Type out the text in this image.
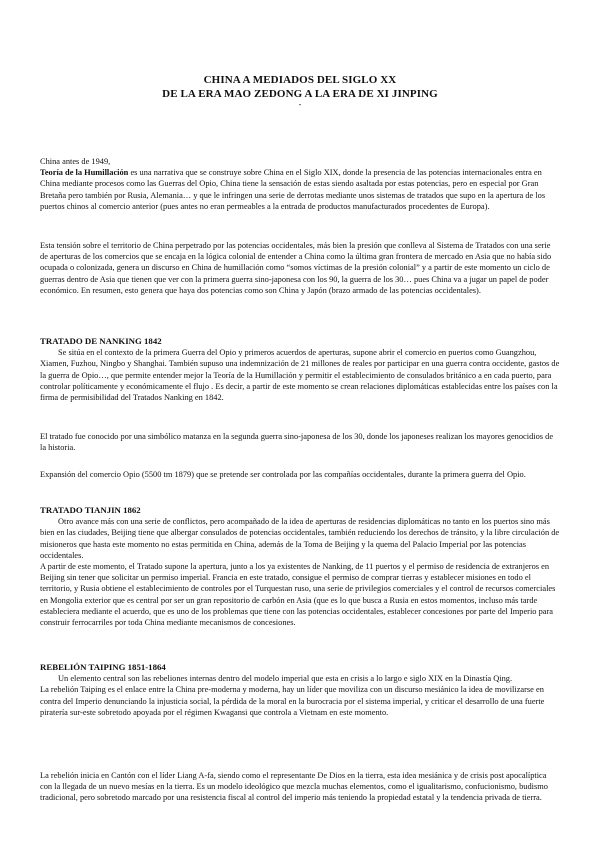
CHINA A MEDIADOS DEL SIGLO XX
DE LA ERA MAO ZEDONG A LA ERA DE XI JINPING
-

China antes de 1949,

Teoría de la Humillación es una narrativa que se construye sobre China en el Siglo XIX, donde la presencia de las potencias internacionales entra en China mediante procesos como las Guerras del Opio, China tiene la sensación de estas siendo asaltada por estas potencias, pero en especial por Gran Bretaña pero también por Rusia, Alemania… y que le infringen una serie de derrotas mediante unos sistemas de tratados que supo en la apertura de los puertos chinos al comercio anterior (pues antes no eran permeables a la entrada de productos manufacturados procedentes de Europa).

Esta tensión sobre el territorio de China perpetrado por las potencias occidentales, más bien la presión que conlleva al Sistema de Tratados con una serie de aperturas de los comercios que se encaja en la lógica colonial de entender a China como la última gran frontera de mercado en Asia que no había sido ocupada o colonizada, genera un discurso en China de humillación como “somos víctimas de la presión colonial” y a partir de este momento un ciclo de guerras dentro de Asia que tienen que ver con la primera guerra sino-japonesa con los 90, la guerra de los 30… pues China va a jugar un papel de poder económico. En resumen, esto genera que haya dos potencias como son China y Japón (brazo armado de las potencias occidentales).

TRATADO DE NANKING 1842

Se sitúa en el contexto de la primera Guerra del Opio y primeros acuerdos de aperturas, supone abrir el comercio en puertos como Guangzhou, Xiamen, Fuzhou, Ningbo y Shanghai. También supuso una indemnización de 21 millones de reales por participar en una guerra contra occidente, gastos de la guerra de Opio…, que permite entender mejor la Teoría de la Humillación y permitir el establecimiento de consulados británico a en cada puerto, para controlar políticamente y económicamente el flujo . Es decir, a partir de este momento se crean relaciones diplomáticas establecidas entre los países con la firma de permisibilidad del Tratados Nanking en 1842.

El tratado fue conocido por una simbólico matanza en la segunda guerra sino-japonesa de los 30, donde los japoneses realizan los mayores genocidios de la historia.

Expansión del comercio Opio (5500 tm 1879) que se pretende ser controlada por las compañías occidentales, durante la primera guerra del Opio.

TRATADO TIANJIN 1862

Otro avance más con una serie de conflictos, pero acompañado de la idea de aperturas de residencias diplomáticas no tanto en los puertos sino más bien en las ciudades, Beijing tiene que albergar consulados de potencias occidentales, también reduciendo los derechos de tránsito, y la libre circulación de misioneros que hasta este momento no estas permitida en China, además de la Toma de Beijing y la quema del Palacio Imperial por las potencias occidentales.

A partir de este momento, el Tratado supone la apertura, junto a los ya existentes de Nanking, de 11 puertos y el permiso de residencia de extranjeros en Beijing sin tener que solicitar un permiso imperial. Francia en este tratado, consigue el permiso de comprar tierras y establecer misiones en todo el territorio, y Rusia obtiene el establecimiento de controles por el Turquestan ruso, una serie de privilegios comerciales y el control de recursos comerciales en Mongolia exterior que es central por ser un gran repositorio de carbón en Asia (que es lo que busca a Rusia en estos momentos, incluso más tarde estableciera mediante el acuerdo, que es uno de los problemas que tiene con las potencias occidentales, establecer concesiones por parte del Imperio para construir ferrocarriles por toda China mediante mecanismos de concesiones.

REBELIÓN TAIPING 1851-1864

Un elemento central son las rebeliones internas dentro del modelo imperial que esta en crisis a lo largo e siglo XIX en la Dinastía Qing.

La rebelión Taiping es el enlace entre la China pre-moderna y moderna, hay un líder que moviliza con un discurso mesiánico la idea de movilizarse en contra del Imperio denunciando la injusticia social, la pérdida de la moral en la burocracia por el sistema imperial, y criticar el desarrollo de una fuerte piratería sur-este sobretodo apoyada por el régimen Kwagansi que controla a Vietnam en este momento.

La rebelión inicia en Cantón con el líder Liang A-fa, siendo como el representante De Dios en la tierra, esta idea mesiánica y de crisis post apocalíptica con la llegada de un nuevo mesías en la tierra. Es un modelo ideológico que mezcla muchas elementos, como el igualitarismo, confucionismo, budismo tradicional, pero sobretodo marcado por una resistencia fiscal al control del imperio más teniendo la propiedad estatal y la tendencia privada de tierra.
